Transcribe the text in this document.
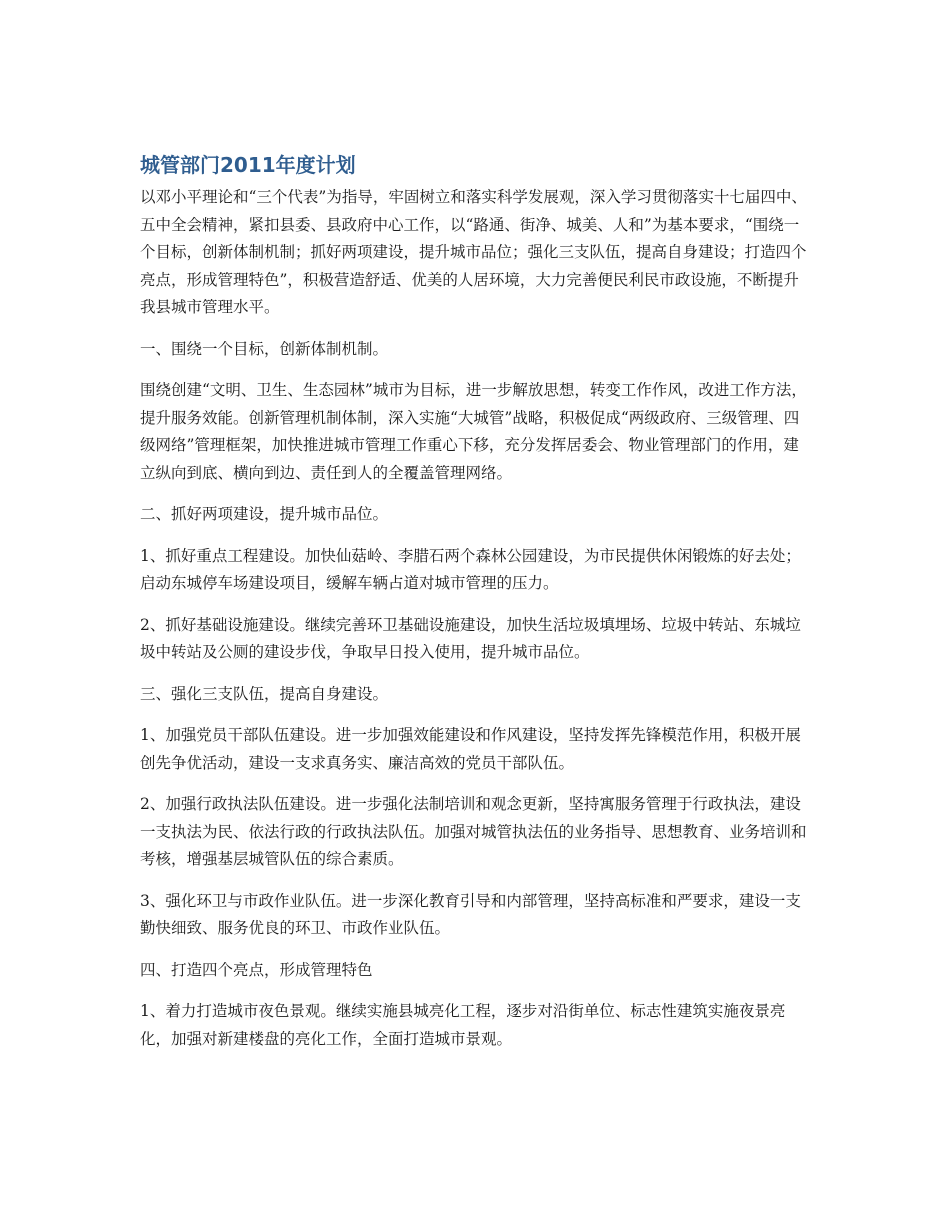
城管部门2011年度计划

以邓小平理论和“三个代表”为指导，牢固树立和落实科学发展观，深入学习贯彻落实十七届四中、五中全会精神，紧扣县委、县政府中心工作，以“路通、街净、城美、人和”为基本要求，“围绕一个目标，创新体制机制；抓好两项建设，提升城市品位；强化三支队伍，提高自身建设；打造四个亮点，形成管理特色”，积极营造舒适、优美的人居环境，大力完善便民利民市政设施，不断提升我县城市管理水平。

一、围绕一个目标，创新体制机制。

围绕创建“文明、卫生、生态园林”城市为目标，进一步解放思想，转变工作作风，改进工作方法，提升服务效能。创新管理机制体制，深入实施“大城管”战略，积极促成“两级政府、三级管理、四级网络”管理框架，加快推进城市管理工作重心下移，充分发挥居委会、物业管理部门的作用，建立纵向到底、横向到边、责任到人的全覆盖管理网络。

二、抓好两项建设，提升城市品位。

1、抓好重点工程建设。加快仙菇岭、李腊石两个森林公园建设，为市民提供休闲锻炼的好去处；启动东城停车场建设项目，缓解车辆占道对城市管理的压力。

2、抓好基础设施建设。继续完善环卫基础设施建设，加快生活垃圾填埋场、垃圾中转站、东城垃圾中转站及公厕的建设步伐，争取早日投入使用，提升城市品位。

三、强化三支队伍，提高自身建设。

1、加强党员干部队伍建设。进一步加强效能建设和作风建设，坚持发挥先锋模范作用，积极开展创先争优活动，建设一支求真务实、廉洁高效的党员干部队伍。

2、加强行政执法队伍建设。进一步强化法制培训和观念更新，坚持寓服务管理于行政执法，建设一支执法为民、依法行政的行政执法队伍。加强对城管执法伍的业务指导、思想教育、业务培训和考核，增强基层城管队伍的综合素质。

3、强化环卫与市政作业队伍。进一步深化教育引导和内部管理，坚持高标准和严要求，建设一支勤快细致、服务优良的环卫、市政作业队伍。

四、打造四个亮点，形成管理特色

1、着力打造城市夜色景观。继续实施县城亮化工程，逐步对沿街单位、标志性建筑实施夜景亮化，加强对新建楼盘的亮化工作，全面打造城市景观。
